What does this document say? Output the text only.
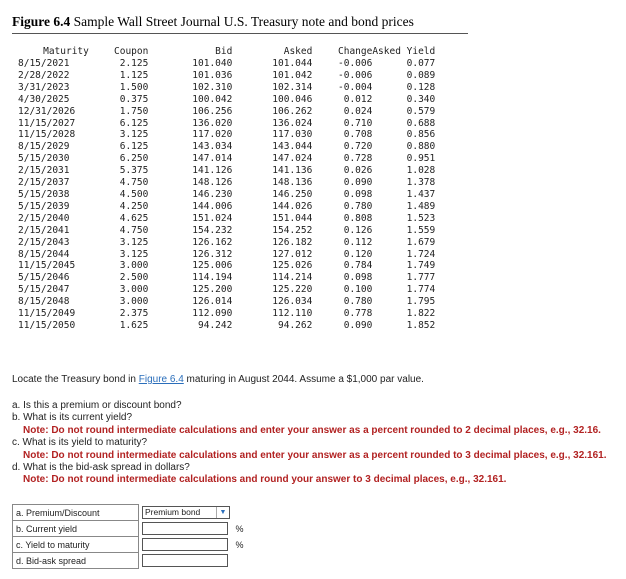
Figure 6.4 Sample Wall Street Journal U.S. Treasury note and bond prices
Maturity	Coupon	Bid	Asked	Change	Asked Yield
8/15/2021	2.125	101.040	101.044	-0.006	0.077
2/28/2022	1.125	101.036	101.042	-0.006	0.089
3/31/2023	1.500	102.310	102.314	-0.004	0.128
4/30/2025	0.375	100.042	100.046	0.012	0.340
12/31/2026	1.750	106.256	106.262	0.024	0.579
11/15/2027	6.125	136.020	136.024	0.710	0.688
11/15/2028	3.125	117.020	117.030	0.708	0.856
8/15/2029	6.125	143.034	143.044	0.720	0.880
5/15/2030	6.250	147.014	147.024	0.728	0.951
2/15/2031	5.375	141.126	141.136	0.026	1.028
2/15/2037	4.750	148.126	148.136	0.090	1.378
5/15/2038	4.500	146.230	146.250	0.098	1.437
5/15/2039	4.250	144.006	144.026	0.780	1.489
2/15/2040	4.625	151.024	151.044	0.808	1.523
2/15/2041	4.750	154.232	154.252	0.126	1.559
2/15/2043	3.125	126.162	126.182	0.112	1.679
8/15/2044	3.125	126.312	127.012	0.120	1.724
11/15/2045	3.000	125.006	125.026	0.784	1.749
5/15/2046	2.500	114.194	114.214	0.098	1.777
5/15/2047	3.000	125.200	125.220	0.100	1.774
8/15/2048	3.000	126.014	126.034	0.780	1.795
11/15/2049	2.375	112.090	112.110	0.778	1.822
11/15/2050	1.625	94.242	94.262	0.090	1.852
Locate the Treasury bond in Figure 6.4 maturing in August 2044. Assume a $1,000 par value.
a. Is this a premium or discount bond?
b. What is its current yield?
Note: Do not round intermediate calculations and enter your answer as a percent rounded to 2 decimal places, e.g., 32.16.
c. What is its yield to maturity?
Note: Do not round intermediate calculations and enter your answer as a percent rounded to 3 decimal places, e.g., 32.161.
d. What is the bid-ask spread in dollars?
Note: Do not round intermediate calculations and round your answer to 3 decimal places, e.g., 32.161.
a. Premium/Discount	Premium bond ▼	

b. Current yield		%
c. Yield to maturity		%
d. Bid-ask spread	
